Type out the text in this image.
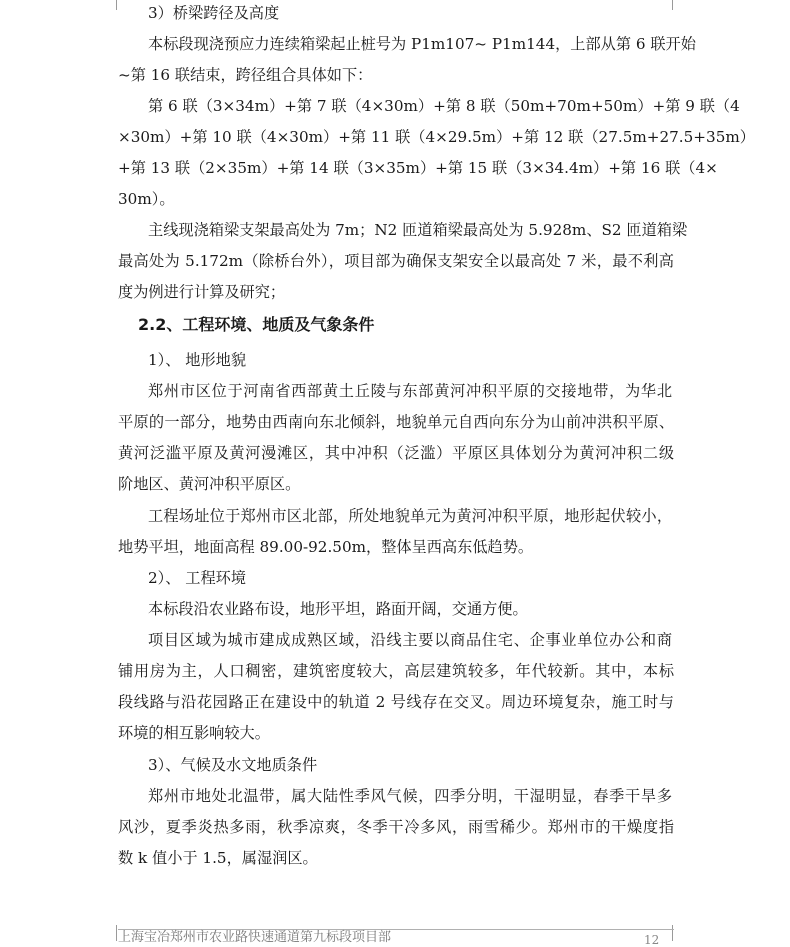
3）桥梁跨径及高度
本标段现浇预应力连续箱梁起止桩号为 P1m107~ P1m144，上部从第 6 联开始
~第 16 联结束，跨径组合具体如下：
第 6 联（3×34m）+第 7 联（4×30m）+第 8 联（50m+70m+50m）+第 9 联（4
×30m）+第 10 联（4×30m）+第 11 联（4×29.5m）+第 12 联（27.5m+27.5+35m）
+第 13 联（2×35m）+第 14 联（3×35m）+第 15 联（3×34.4m）+第 16 联（4×
30m）。
主线现浇箱梁支架最高处为 7m；N2 匝道箱梁最高处为 5.928m、S2 匝道箱梁
最高处为 5.172m（除桥台外），项目部为确保支架安全以最高处 7 米，最不利高
度为例进行计算及研究；
2.2、工程环境、地质及气象条件
1）、 地形地貌
郑州市区位于河南省西部黄土丘陵与东部黄河冲积平原的交接地带，为华北
平原的一部分，地势由西南向东北倾斜，地貌单元自西向东分为山前冲洪积平原、
黄河泛滥平原及黄河漫滩区，其中冲积（泛滥）平原区具体划分为黄河冲积二级
阶地区、黄河冲积平原区。
工程场址位于郑州市区北部，所处地貌单元为黄河冲积平原，地形起伏较小，
地势平坦，地面高程 89.00-92.50m，整体呈西高东低趋势。
2）、 工程环境
本标段沿农业路布设，地形平坦，路面开阔，交通方便。
项目区域为城市建成成熟区域，沿线主要以商品住宅、企事业单位办公和商
铺用房为主，人口稠密，建筑密度较大，高层建筑较多，年代较新。其中，本标
段线路与沿花园路正在建设中的轨道 2 号线存在交叉。周边环境复杂，施工时与
环境的相互影响较大。
3）、气候及水文地质条件
郑州市地处北温带，属大陆性季风气候，四季分明，干湿明显，春季干旱多
风沙，夏季炎热多雨，秋季凉爽，冬季干冷多风，雨雪稀少。郑州市的干燥度指
数 k 值小于 1.5，属湿润区。
上海宝冶郑州市农业路快速通道第九标段项目部	12
